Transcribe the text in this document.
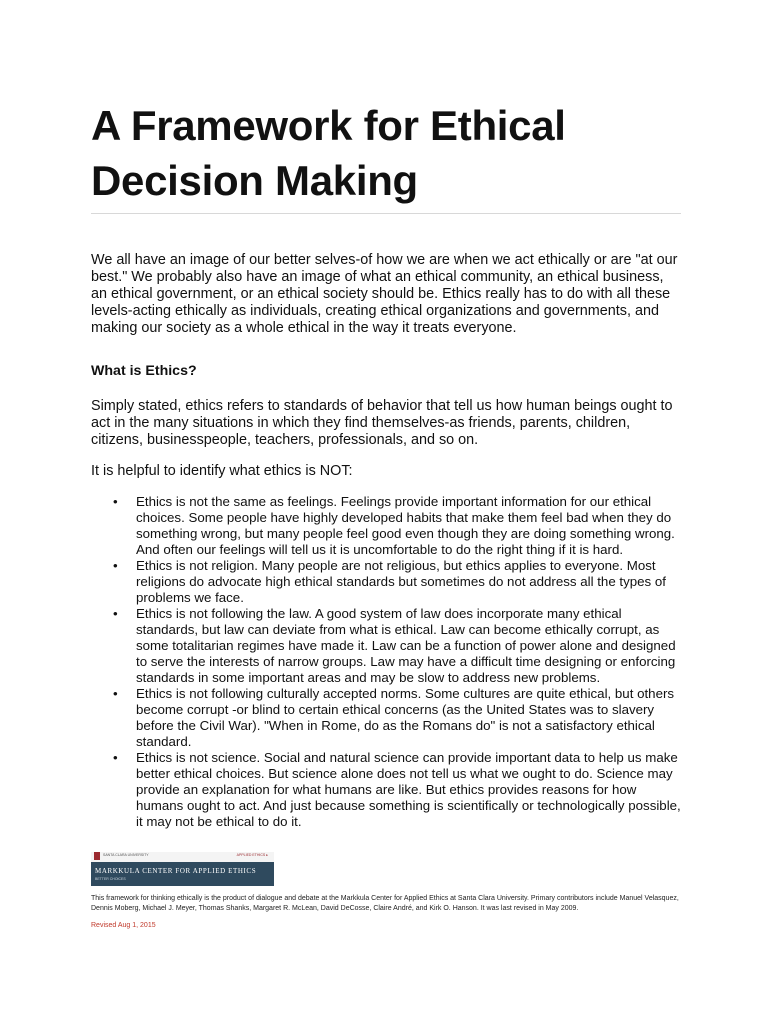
A Framework for Ethical
Decision Making
We all have an image of our better selves-of how we are when we act ethically or are "at our best." We probably also have an image of what an ethical community, an ethical business, an ethical government, or an ethical society should be. Ethics really has to do with all these levels-acting ethically as individuals, creating ethical organizations and governments, and making our society as a whole ethical in the way it treats everyone.
What is Ethics?
Simply stated, ethics refers to standards of behavior that tell us how human beings ought to act in the many situations in which they find themselves-as friends, parents, children, citizens, businesspeople, teachers, professionals, and so on.
It is helpful to identify what ethics is NOT:
• Ethics is not the same as feelings. Feelings provide important information for our ethical choices. Some people have highly developed habits that make them feel bad when they do something wrong, but many people feel good even though they are doing something wrong. And often our feelings will tell us it is uncomfortable to do the right thing if it is hard.
• Ethics is not religion. Many people are not religious, but ethics applies to everyone. Most religions do advocate high ethical standards but sometimes do not address all the types of problems we face.
• Ethics is not following the law. A good system of law does incorporate many ethical standards, but law can deviate from what is ethical. Law can become ethically corrupt, as some totalitarian regimes have made it. Law can be a function of power alone and designed to serve the interests of narrow groups. Law may have a difficult time designing or enforcing standards in some important areas and may be slow to address new problems.
• Ethics is not following culturally accepted norms. Some cultures are quite ethical, but others become corrupt -or blind to certain ethical concerns (as the United States was to slavery before the Civil War). "When in Rome, do as the Romans do" is not a satisfactory ethical standard.
• Ethics is not science. Social and natural science can provide important data to help us make better ethical choices. But science alone does not tell us what we ought to do. Science may provide an explanation for what humans are like. But ethics provides reasons for how humans ought to act. And just because something is scientifically or technologically possible, it may not be ethical to do it.
SANTA CLARA UNIVERSITY	APPLIED ETHICS ▸
MARKKULA CENTER FOR APPLIED ETHICS
BETTER CHOICES
This framework for thinking ethically is the product of dialogue and debate at the Markkula Center for Applied Ethics at Santa Clara University. Primary contributors include Manuel Velasquez, Dennis Moberg, Michael J. Meyer, Thomas Shanks, Margaret R. McLean, David DeCosse, Claire André, and Kirk O. Hanson. It was last revised in May 2009.
Revised Aug 1, 2015
